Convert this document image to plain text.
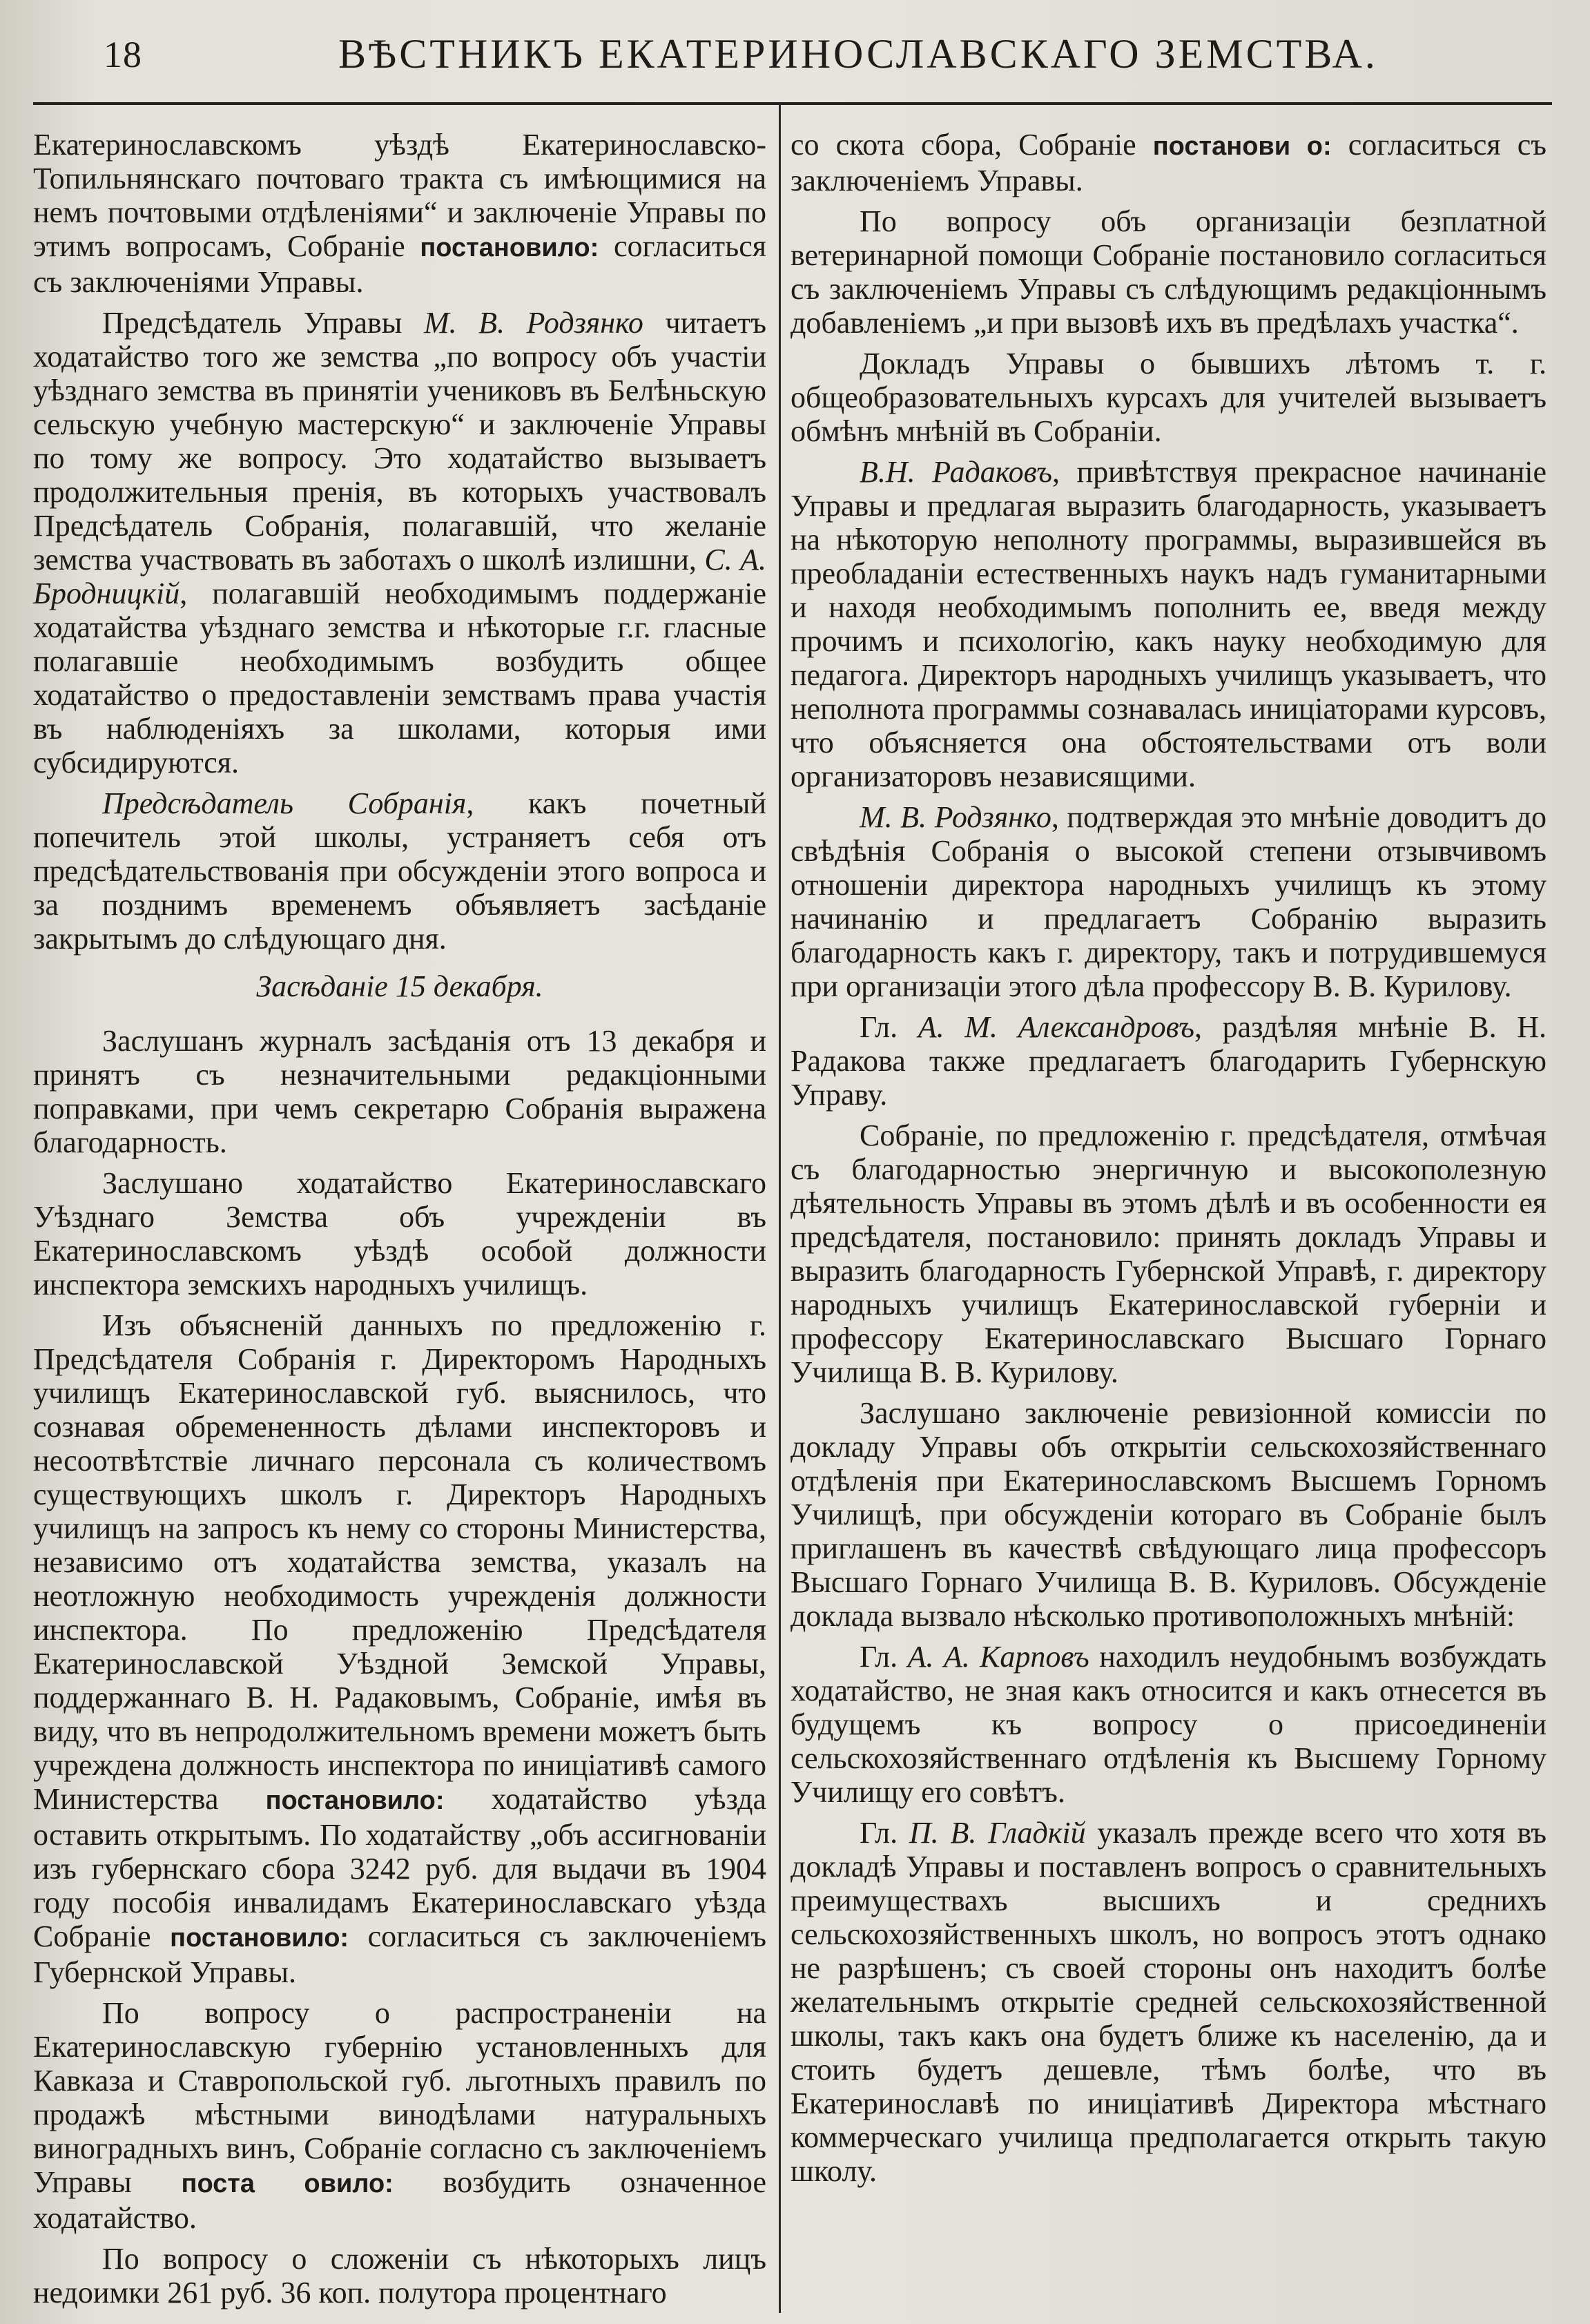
18	ВѢСТНИКЪ ЕКАТЕРИНОСЛАВСКАГО ЗЕМСТВА.

Екатеринославскомъ уѣздѣ Екатеринославско-Топильнянскаго почтоваго тракта съ имѣющимися на немъ почтовыми отдѣленіями“ и заключеніе Управы по этимъ вопросамъ, Собраніе постановило: согласиться съ заключеніями Управы.

Предсѣдатель Управы М. В. Родзянко читаетъ ходатайство того же земства „по вопросу объ участіи уѣзднаго земства въ принятіи учениковъ въ Белѣньскую сельскую учебную мастерскую“ и заключеніе Управы по тому же вопросу. Это ходатайство вызываетъ продолжительныя пренія, въ которыхъ участвовалъ Предсѣдатель Собранія, полагавшій, что желаніе земства участвовать въ заботахъ о школѣ излишни, С. А. Бродницкій, полагавшій необходимымъ поддержаніе ходатайства уѣзднаго земства и нѣкоторые г.г. гласные полагавшіе необходимымъ возбудить общее ходатайство о предоставленіи земствамъ права участія въ наблюденіяхъ за школами, которыя ими субсидируются.

Предсѣдатель Собранія, какъ почетный попечитель этой школы, устраняетъ себя отъ предсѣдательствованія при обсужденіи этого вопроса и за позднимъ временемъ объявляетъ засѣданіе закрытымъ до слѣдующаго дня.

Засѣданіе 15 декабря.

Заслушанъ журналъ засѣданія отъ 13 декабря и принятъ съ незначительными редакціонными поправками, при чемъ секретарю Собранія выражена благодарность.

Заслушано ходатайство Екатеринославскаго Уѣзднаго Земства объ учрежденіи въ Екатеринославскомъ уѣздѣ особой должности инспектора земскихъ народныхъ училищъ.

Изъ объясненій данныхъ по предложенію г. Предсѣдателя Собранія г. Директоромъ Народныхъ училищъ Екатеринославской губ. выяснилось, что сознавая обремененность дѣлами инспекторовъ и несоотвѣтствіе личнаго персонала съ количествомъ существующихъ школъ г. Директоръ Народныхъ училищъ на запросъ къ нему со стороны Министерства, независимо отъ ходатайства земства, указалъ на неотложную необходимость учрежденія должности инспектора. По предложенію Предсѣдателя Екатеринославской Уѣздной Земской Управы, поддержаннаго В. Н. Радаковымъ, Собраніе, имѣя въ виду, что въ непродолжительномъ времени можетъ быть учреждена должность инспектора по иниціативѣ самого Министерства постановило: ходатайство уѣзда оставить открытымъ. По ходатайству „объ ассигнованіи изъ губернскаго сбора 3242 руб. для выдачи въ 1904 году пособія инвалидамъ Екатеринославскаго уѣзда Собраніе постановило: согласиться съ заключеніемъ Губернской Управы.

По вопросу о распространеніи на Екатеринославскую губернію установленныхъ для Кавказа и Ставропольской губ. льготныхъ правилъ по продажѣ мѣстными винодѣлами натуральныхъ виноградныхъ винъ, Собраніе согласно съ заключеніемъ Управы поста овило: возбудить означенное ходатайство.

По вопросу о сложеніи съ нѣкоторыхъ лицъ недоимки 261 руб. 36 коп. полутора процентнаго

со скота сбора, Собраніе постанови о: согласиться съ заключеніемъ Управы.

По вопросу объ организаціи безплатной ветеринарной помощи Собраніе постановило согласиться съ заключеніемъ Управы съ слѣдующимъ редакціоннымъ добавленіемъ „и при вызовѣ ихъ въ предѣлахъ участка“.

Докладъ Управы о бывшихъ лѣтомъ т. г. общеобразовательныхъ курсахъ для учителей вызываетъ обмѣнъ мнѣній въ Собраніи.

В.Н. Радаковъ, привѣтствуя прекрасное начинаніе Управы и предлагая выразить благодарность, указываетъ на нѣкоторую неполноту программы, выразившейся въ преобладаніи естественныхъ наукъ надъ гуманитарными и находя необходимымъ пополнить ее, введя между прочимъ и психологію, какъ науку необходимую для педагога. Директоръ народныхъ училищъ указываетъ, что неполнота программы сознавалась иниціаторами курсовъ, что объясняется она обстоятельствами отъ воли организаторовъ независящими.

М. В. Родзянко, подтверждая это мнѣніе доводитъ до свѣдѣнія Собранія о высокой степени отзывчивомъ отношеніи директора народныхъ училищъ къ этому начинанію и предлагаетъ Собранію выразить благодарность какъ г. директору, такъ и потрудившемуся при организаціи этого дѣла профессору В. В. Курилову.

Гл. А. М. Александровъ, раздѣляя мнѣніе В. Н. Радакова также предлагаетъ благодарить Губернскую Управу.

Собраніе, по предложенію г. предсѣдателя, отмѣчая съ благодарностью энергичную и высокополезную дѣятельность Управы въ этомъ дѣлѣ и въ особенности ея предсѣдателя, постановило: принять докладъ Управы и выразить благодарность Губернской Управѣ, г. директору народныхъ училищъ Екатеринославской губерніи и профессору Екатеринославскаго Высшаго Горнаго Училища В. В. Курилову.

Заслушано заключеніе ревизіонной комиссіи по докладу Управы объ открытіи сельскохозяйственнаго отдѣленія при Екатеринославскомъ Высшемъ Горномъ Училищѣ, при обсужденіи котораго въ Собраніе былъ приглашенъ въ качествѣ свѣдующаго лица профессоръ Высшаго Горнаго Училища В. В. Куриловъ. Обсужденіе доклада вызвало нѣсколько противоположныхъ мнѣній:

Гл. А. А. Карповъ находилъ неудобнымъ возбуждать ходатайство, не зная какъ относится и какъ отнесется въ будущемъ къ вопросу о присоединеніи сельскохозяйственнаго отдѣленія къ Высшему Горному Училищу его совѣтъ.

Гл. П. В. Гладкій указалъ прежде всего что хотя въ докладѣ Управы и поставленъ вопросъ о сравнительныхъ преимуществахъ высшихъ и среднихъ сельскохозяйственныхъ школъ, но вопросъ этотъ однако не разрѣшенъ; съ своей стороны онъ находитъ болѣе желательнымъ открытіе средней сельскохозяйственной школы, такъ какъ она будетъ ближе къ населенію, да и стоить будетъ дешевле, тѣмъ болѣе, что въ Екатеринославѣ по иниціативѣ Директора мѣстнаго коммерческаго училища предполагается открыть такую школу.
